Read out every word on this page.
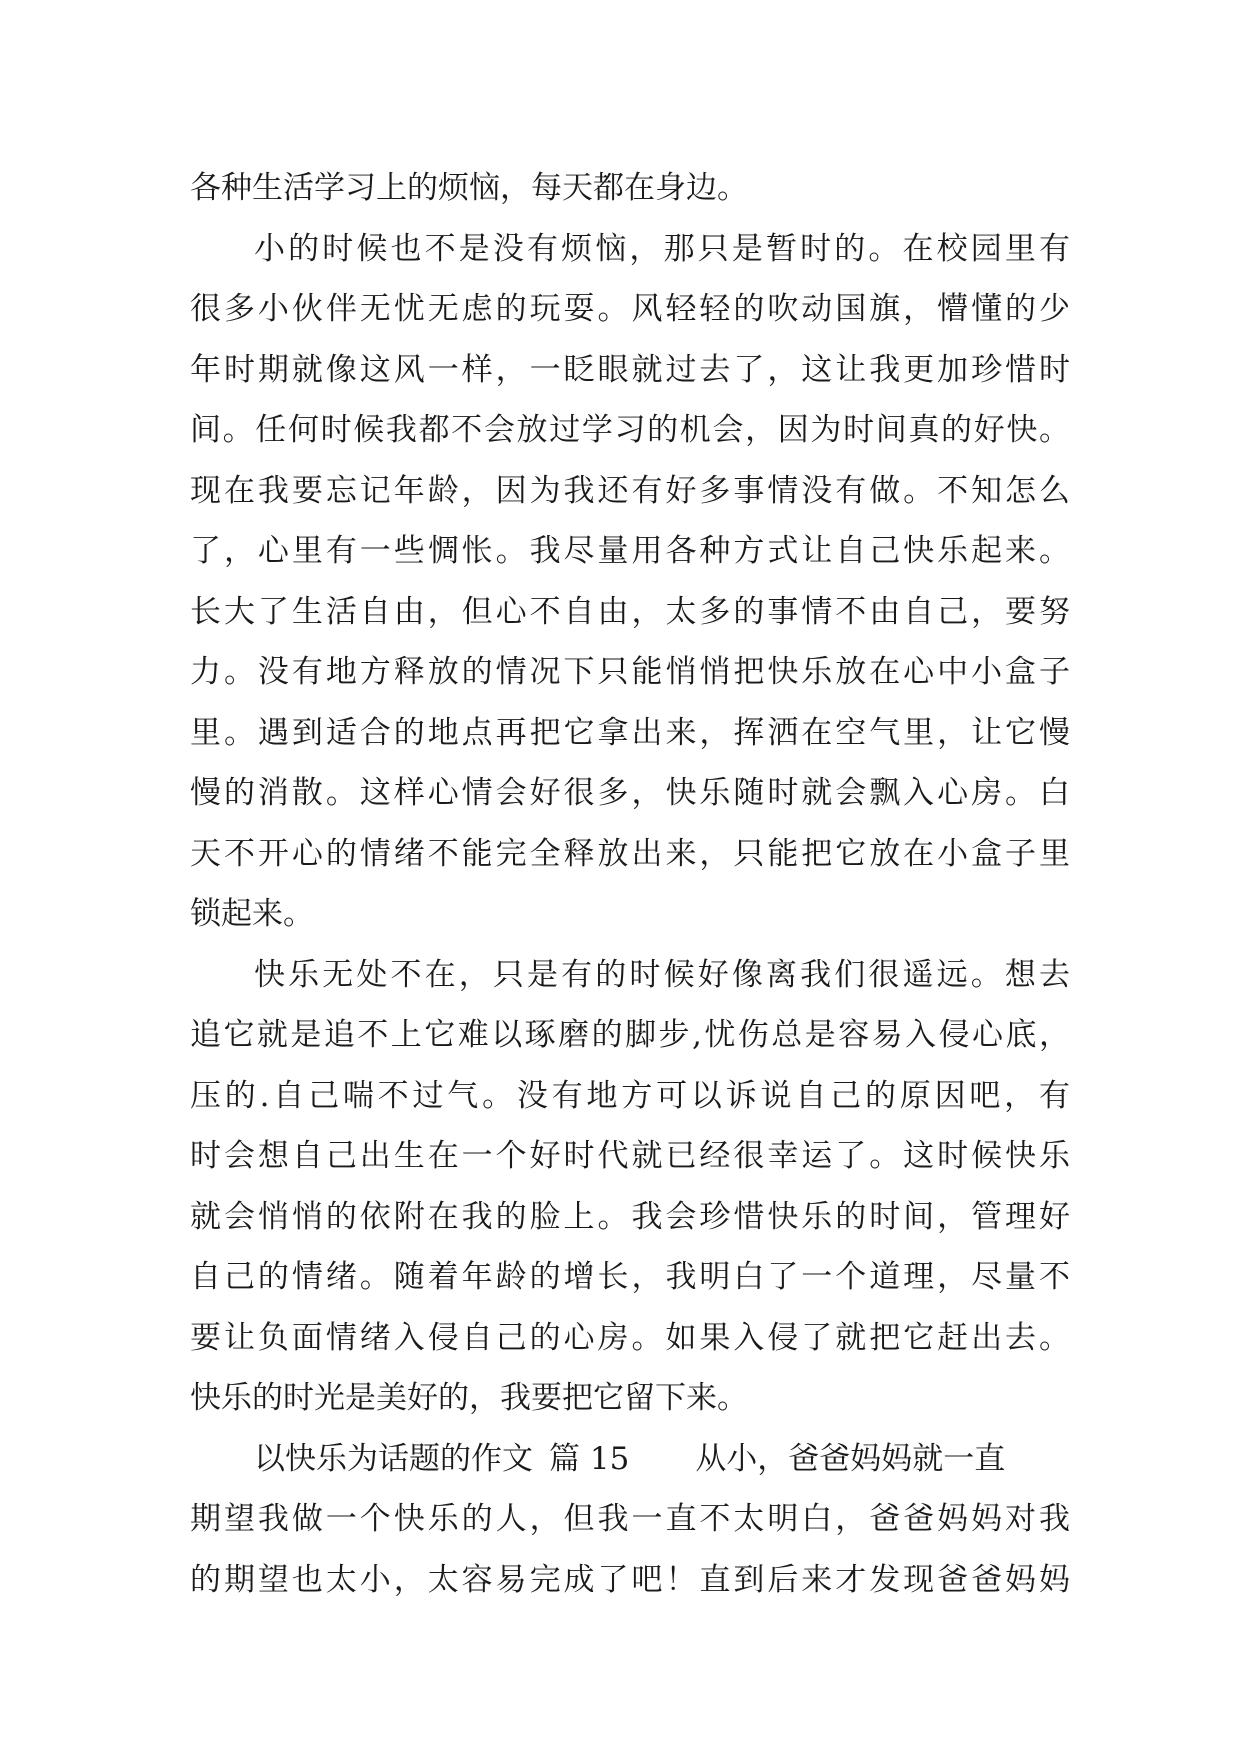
各种生活学习上的烦恼，每天都在身边。
小的时候也不是没有烦恼，那只是暂时的。在校园里有
很多小伙伴无忧无虑的玩耍。风轻轻的吹动国旗，懵懂的少
年时期就像这风一样，一眨眼就过去了，这让我更加珍惜时
间。任何时候我都不会放过学习的机会，因为时间真的好快。
现在我要忘记年龄，因为我还有好多事情没有做。不知怎么
了，心里有一些惆怅。我尽量用各种方式让自己快乐起来。
长大了生活自由，但心不自由，太多的事情不由自己，要努
力。没有地方释放的情况下只能悄悄把快乐放在心中小盒子
里。遇到适合的地点再把它拿出来，挥洒在空气里，让它慢
慢的消散。这样心情会好很多，快乐随时就会飘入心房。白
天不开心的情绪不能完全释放出来，只能把它放在小盒子里
锁起来。
快乐无处不在，只是有的时候好像离我们很遥远。想去
追它就是追不上它难以琢磨的脚步,忧伤总是容易入侵心底，
压的.自己喘不过气。没有地方可以诉说自己的原因吧，有
时会想自己出生在一个好时代就已经很幸运了。这时候快乐
就会悄悄的依附在我的脸上。我会珍惜快乐的时间，管理好
自己的情绪。随着年龄的增长，我明白了一个道理，尽量不
要让负面情绪入侵自己的心房。如果入侵了就把它赶出去。
快乐的时光是美好的，我要把它留下来。
以快乐为话题的作文 篇 15 从小，爸爸妈妈就一直
期望我做一个快乐的人，但我一直不太明白，爸爸妈妈对我
的期望也太小，太容易完成了吧！直到后来才发现爸爸妈妈
